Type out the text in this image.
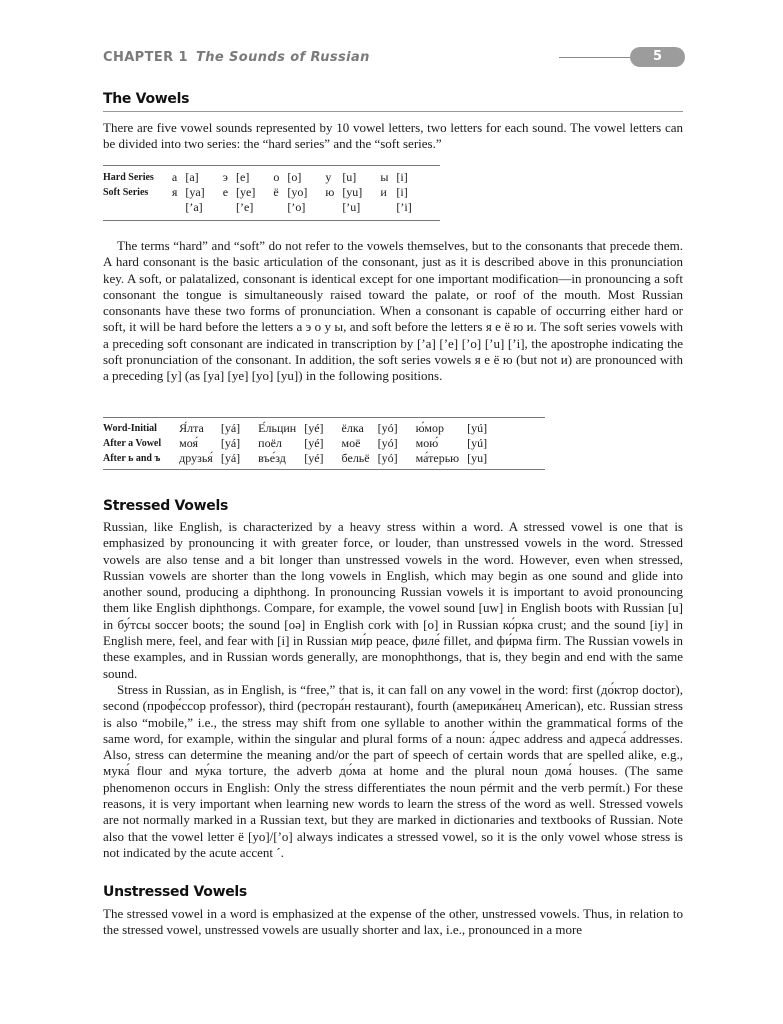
CHAPTER 1 The Sounds of Russian	5
The Vowels

There are five vowel sounds represented by 10 vowel letters, two letters for each sound. The vowel letters can be divided into two series: the “hard series” and the “soft series.”

Hard Series	а	[a]	э	[e]	о	[o]	у	[u]	ы	[i]
Soft Series	я	[ya]	е	[ye]	ё	[yo]	ю	[yu]	и	[i]
		[’a]		[’e]		[’o]		[’u]		[’i]

The terms “hard” and “soft” do not refer to the vowels themselves, but to the consonants that precede them. A hard consonant is the basic articulation of the consonant, just as it is described above in this pronunciation key. A soft, or palatalized, consonant is identical except for one important modification—in pronouncing a soft consonant the tongue is simultaneously raised toward the palate, or roof of the mouth. Most Russian consonants have these two forms of pronunciation. When a consonant is capable of occurring either hard or soft, it will be hard before the letters а э о у ы, and soft before the letters я е ё ю и. The soft series vowels with a preceding soft consonant are indicated in transcription by [’a] [’e] [’o] [’u] [’i], the apostrophe indicating the soft pronunciation of the consonant. In addition, the soft series vowels я е ё ю (but not и) are pronounced with a preceding [y] (as [ya] [ye] [yo] [yu]) in the following positions.

Word-Initial	Я́лта	[yá]	Е́льцин	[yé]	ёлка	[yó]	ю́мор	[yú]
After a Vowel	моя́	[yá]	поёл	[yé]	моё	[yó]	мою́	[yú]
After ь and ъ	друзья́	[yá]	въе́зд	[yé]	бельё	[yó]	ма́терью	[yu]
Stressed Vowels

Russian, like English, is characterized by a heavy stress within a word. A stressed vowel is one that is emphasized by pronouncing it with greater force, or louder, than unstressed vowels in the word. Stressed vowels are also tense and a bit longer than unstressed vowels in the word. However, even when stressed, Russian vowels are shorter than the long vowels in English, which may begin as one sound and glide into another sound, producing a diphthong. In pronouncing Russian vowels it is important to avoid pronouncing them like English diphthongs. Compare, for example, the vowel sound [uw] in English boots with Russian [u] in бу́тсы soccer boots; the sound [oə] in English cork with [o] in Russian ко́рка crust; and the sound [iy] in English mere, feel, and fear with [i] in Russian ми́р peace, филе́ fillet, and фи́рма firm. The Russian vowels in these examples, and in Russian words generally, are monophthongs, that is, they begin and end with the same sound.

Stress in Russian, as in English, is “free,” that is, it can fall on any vowel in the word: first (до́ктор doctor), second (профе́ссор professor), third (рестора́н restaurant), fourth (америка́нец American), etc. Russian stress is also “mobile,” i.e., the stress may shift from one syllable to another within the grammatical forms of the same word, for example, within the singular and plural forms of a noun: а́дрес address and адреса́ addresses. Also, stress can determine the meaning and/or the part of speech of certain words that are spelled alike, e.g., мука́ flour and му́ка torture, the adverb до́ма at home and the plural noun дома́ houses. (The same phenomenon occurs in English: Only the stress differentiates the noun pérmit and the verb permít.) For these reasons, it is very important when learning new words to learn the stress of the word as well. Stressed vowels are not normally marked in a Russian text, but they are marked in dictionaries and textbooks of Russian. Note also that the vowel letter ё [yo]/[’o] always indicates a stressed vowel, so it is the only vowel whose stress is not indicated by the acute accent ´.

Unstressed Vowels

The stressed vowel in a word is emphasized at the expense of the other, unstressed vowels. Thus, in relation to the stressed vowel, unstressed vowels are usually shorter and lax, i.e., pronounced in a more
